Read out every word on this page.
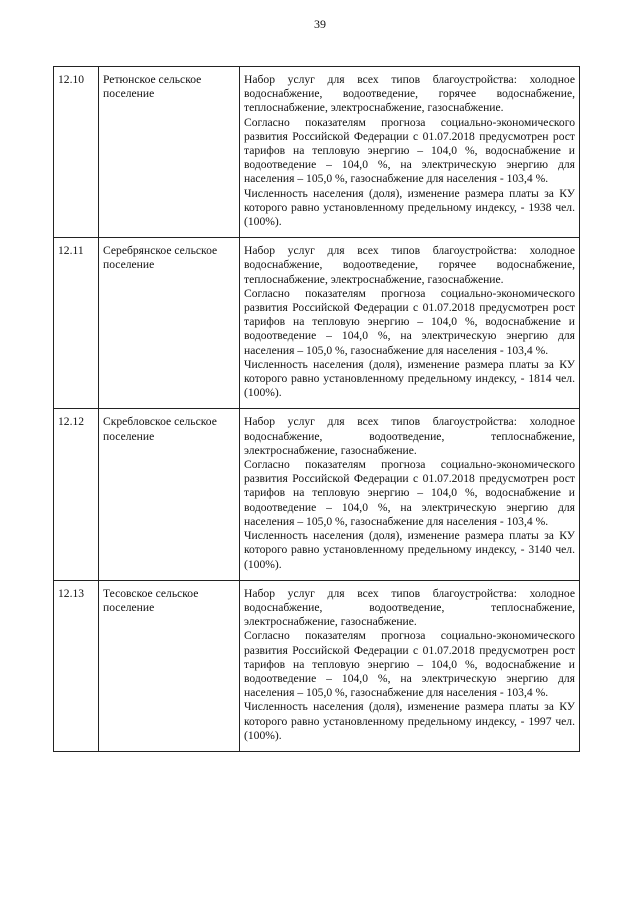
39
12.10	Ретюнское сельское поселение	Набор услуг для всех типов благоустройства: холодное водоснабжение, водоотведение, горячее водоснабжение, теплоснабжение, электроснабжение, газоснабжение.
Согласно показателям прогноза социально-экономического развития Российской Федерации с 01.07.2018 предусмотрен рост тарифов на тепловую энергию – 104,0 %, водоснабжение и водоотведение – 104,0 %, на электрическую энергию для населения – 105,0 %, газоснабжение для населения - 103,4 %.
Численность населения (доля), изменение размера платы за КУ которого равно установленному предельному индексу, - 1938 чел. (100%).

12.11	Серебрянское сельское поселение	Набор услуг для всех типов благоустройства: холодное водоснабжение, водоотведение, горячее водоснабжение, теплоснабжение, электроснабжение, газоснабжение.
Согласно показателям прогноза социально-экономического развития Российской Федерации с 01.07.2018 предусмотрен рост тарифов на тепловую энергию – 104,0 %, водоснабжение и водоотведение – 104,0 %, на электрическую энергию для населения – 105,0 %, газоснабжение для населения - 103,4 %.
Численность населения (доля), изменение размера платы за КУ которого равно установленному предельному индексу, - 1814 чел. (100%).

12.12	Скребловское сельское поселение	Набор услуг для всех типов благоустройства: холодное водоснабжение, водоотведение, теплоснабжение, электроснабжение, газоснабжение.
Согласно показателям прогноза социально-экономического развития Российской Федерации с 01.07.2018 предусмотрен рост тарифов на тепловую энергию – 104,0 %, водоснабжение и водоотведение – 104,0 %, на электрическую энергию для населения – 105,0 %, газоснабжение для населения - 103,4 %.
Численность населения (доля), изменение размера платы за КУ которого равно установленному предельному индексу, - 3140 чел. (100%).

12.13	Тесовское сельское поселение	Набор услуг для всех типов благоустройства: холодное водоснабжение, водоотведение, теплоснабжение, электроснабжение, газоснабжение.
Согласно показателям прогноза социально-экономического развития Российской Федерации с 01.07.2018 предусмотрен рост тарифов на тепловую энергию – 104,0 %, водоснабжение и водоотведение – 104,0 %, на электрическую энергию для населения – 105,0 %, газоснабжение для населения - 103,4 %.
Численность населения (доля), изменение размера платы за КУ которого равно установленному предельному индексу, - 1997 чел. (100%).
